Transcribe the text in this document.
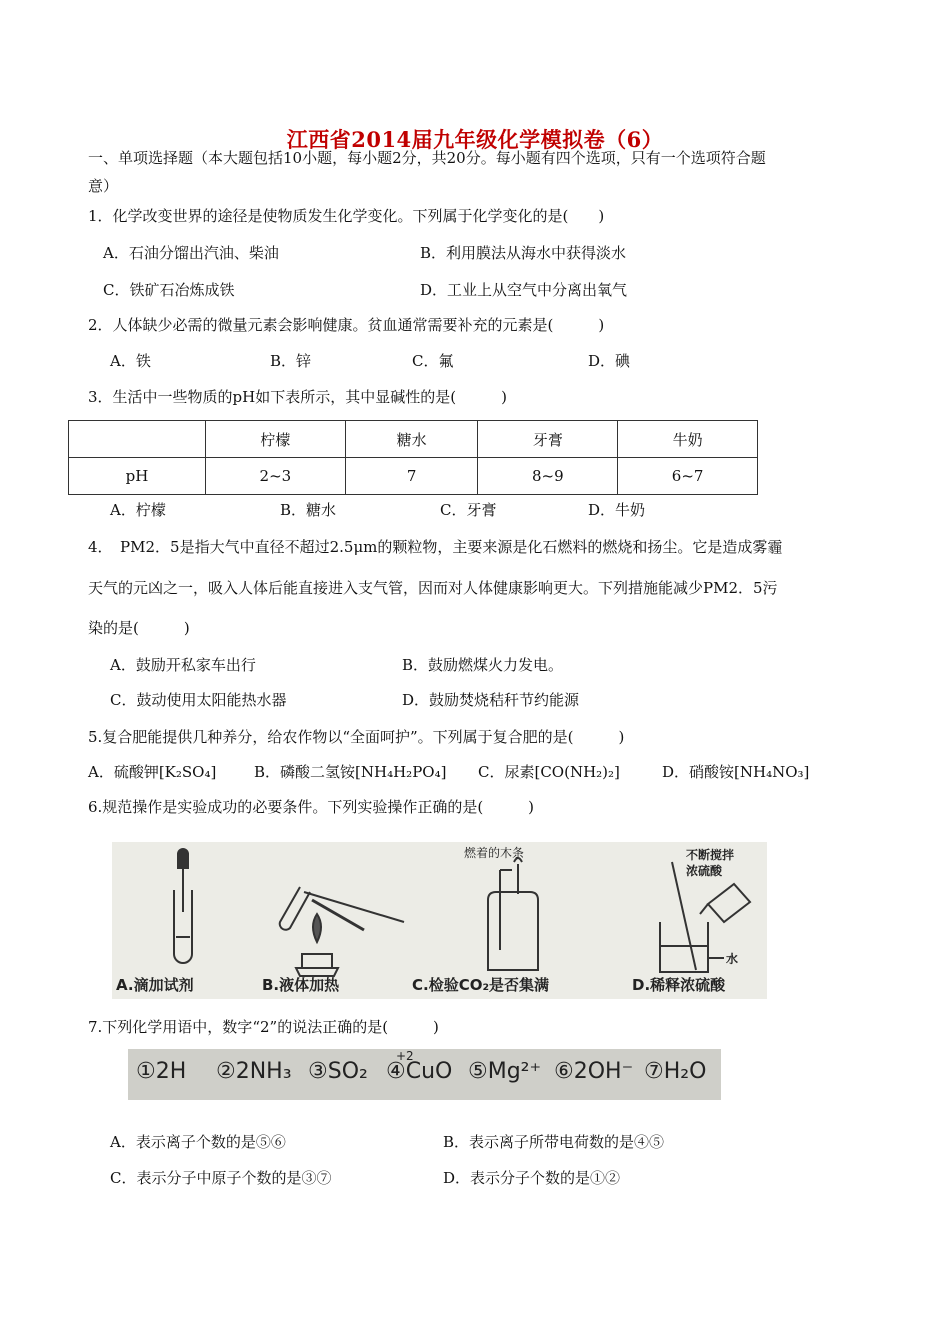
江西省2014届九年级化学模拟卷（6）
一、单项选择题（本大题包括10小题，每小题2分，共20分。每小题有四个选项，只有一个选项符合题
意）
1．化学改变世界的途径是使物质发生化学变化。下列属于化学变化的是(　　)
A．石油分馏出汽油、柴油	B．利用膜法从海水中获得淡水
C．铁矿石冶炼成铁	D．工业上从空气中分离出氧气
2．人体缺少必需的微量元素会影响健康。贫血通常需要补充的元素是(　　　)
A．铁	B．锌	C．氟	D．碘
3．生活中一些物质的pH如下表所示，其中显碱性的是(　　　)
	柠檬	糖水	牙膏	牛奶
pH	2~3	7	8~9	6~7
A．柠檬	B．糖水	C．牙膏	D．牛奶
4．　PM2．5是指大气中直径不超过2.5μm的颗粒物，主要来源是化石燃料的燃烧和扬尘。它是造成雾霾
天气的元凶之一，吸入人体后能直接进入支气管，因而对人体健康影响更大。下列措施能减少PM2．5污
染的是(　　　)
A．鼓励开私家车出行	B．鼓励燃煤火力发电。
C．鼓动使用太阳能热水器	D．鼓励焚烧秸秆节约能源
5.复合肥能提供几种养分，给农作物以“全面呵护”。下列属于复合肥的是(　　　)
A．硫酸钾[K₂SO₄]	B．磷酸二氢铵[NH₄H₂PO₄] C．尿素[CO(NH₂)₂]	D．硝酸铵[NH₄NO₃]
6.规范操作是实验成功的必要条件。下列实验操作正确的是(　　　)
燃着的木条	不断搅拌
浓硫酸
水
A.滴加试剂	B.液体加热	C.检验CO₂是否集满	D.稀释浓硫酸
7.下列化学用语中，数字“2”的说法正确的是(　　　)
①2H ②2NH₃ ③SO₂
+2
④CuO ⑤Mg²⁺ ⑥2OH⁻ ⑦H₂O
A．表示离子个数的是⑤⑥	B．表示离子所带电荷数的是④⑤
C．表示分子中原子个数的是③⑦	D．表示分子个数的是①②
